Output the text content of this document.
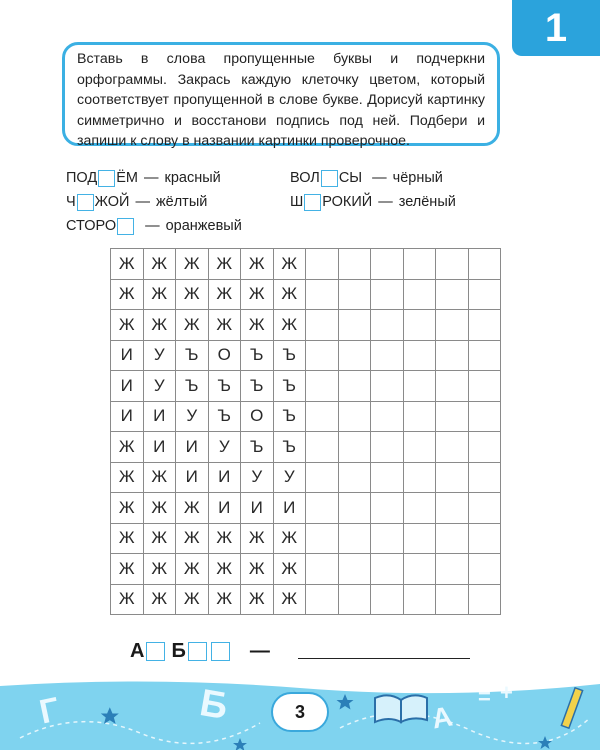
1
Вставь в слова пропущенные буквы и подчеркни орфограммы. Закрась каждую клеточку цветом, который соответствует пропущенной в слове букве. Дорисуй картинку симметрично и восстанови подпись под ней. Подбери и запиши к слову в названии картинки проверочное.
ПОД ЁМ — красный	ВОЛ СЫ — чёрный
Ч ЖОЙ — жёлтый	Ш РОКИЙ — зелёный
СТОРО — оранжевый
Ж	Ж	Ж	Ж	Ж	Ж						
Ж	Ж	Ж	Ж	Ж	Ж						
Ж	Ж	Ж	Ж	Ж	Ж						
И	У	Ъ	О	Ъ	Ъ						
И	У	Ъ	Ъ	Ъ	Ъ						
И	И	У	Ъ	О	Ъ						
Ж	И	И	У	Ъ	Ъ						
Ж	Ж	И	И	У	У						
Ж	Ж	Ж	И	И	И						
Ж	Ж	Ж	Ж	Ж	Ж						
Ж	Ж	Ж	Ж	Ж	Ж						
Ж	Ж	Ж	Ж	Ж	Ж						
А Б	—
Г	Б	А
= +
3
